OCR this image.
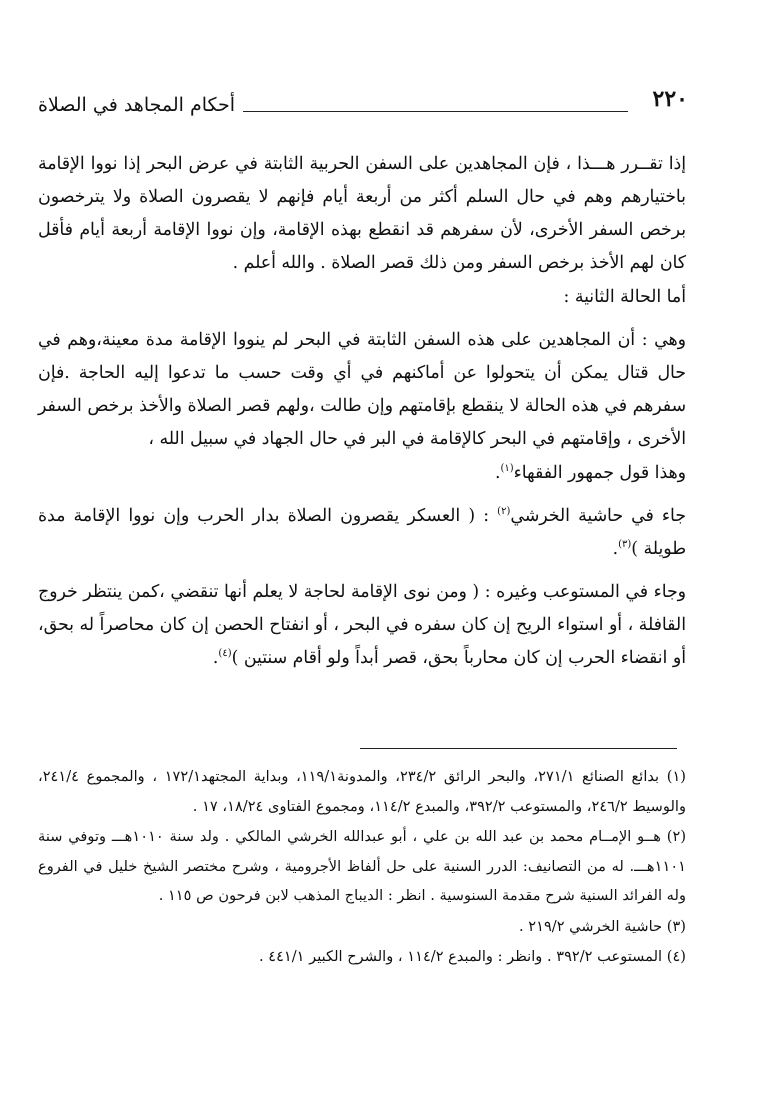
٢٢٠
أحكام المجاهد في الصلاة

إذا تقــرر هـــذا ، فإن المجاهدين على السفن الحربية الثابتة في عرض البحر إذا نووا الإقامة باختيارهم وهم في حال السلم أكثر من أربعة أيام فإنهم لا يقصرون الصلاة ولا يترخصون برخص السفر الأخرى، لأن سفرهم قد انقطع بهذه الإقامة، وإن نووا الإقامة أربعة أيام فأقل كان لهم الأخذ برخص السفر ومن ذلك قصر الصلاة . والله أعلم .

أما الحالة الثانية :

وهي : أن المجاهدين على هذه السفن الثابتة في البحر لم ينووا الإقامة مدة معينة،وهم في حال قتال يمكن أن يتحولوا عن أماكنهم في أي وقت حسب ما تدعوا إليه الحاجة .فإن سفرهم في هذه الحالة لا ينقطع بإقامتهم وإن طالت ،ولهم قصر الصلاة والأخذ برخص السفر الأخرى ، وإقامتهم في البحر كالإقامة في البر في حال الجهاد في سبيل الله ،

وهذا قول جمهور الفقهاء$^{(١)}$.

جاء في حاشية الخرشي$^{(٢)}$ : ( العسكر يقصرون الصلاة بدار الحرب وإن نووا الإقامة مدة طويلة )$^{(٣)}$.

وجاء في المستوعب وغيره : ( ومن نوى الإقامة لحاجة لا يعلم أنها تنقضي ،كمن ينتظر خروج القافلة ، أو استواء الريح إن كان سفره في البحر ، أو انفتاح الحصن إن كان محاصراً له بحق، أو انقضاء الحرب إن كان محارباً بحق، قصر أبداً ولو أقام سنتين )$^{(٤)}$.

(١) بدائع الصنائع ٢٧١/١، والبحر الرائق ٢٣٤/٢، والمدونة١١٩/١، وبداية المجتهد١٧٢/١ ، والمجموع ٢٤١/٤، والوسيط ٢٤٦/٢، والمستوعب ٣٩٢/٢، والمبدع ١١٤/٢، ومجموع الفتاوى ١٨/٢٤، ١٧ .

(٢) هــو الإمــام محمد بن عبد الله بن علي ، أبو عبدالله الخرشي المالكي . ولد سنة ١٠١٠هـــ وتوفي سنة ١١٠١هـــ. له من التصانيف: الدرر السنية على حل ألفاظ الأجرومية ، وشرح مختصر الشيخ خليل في الفروع وله الفرائد السنية شرح مقدمة السنوسية . انظر : الديباج المذهب لابن فرحون ص ١١٥ .

(٣) حاشية الخرشي ٢١٩/٢ .

(٤) المستوعب ٣٩٢/٢ . وانظر : والمبدع ١١٤/٢ ، والشرح الكبير ٤٤١/١ .
